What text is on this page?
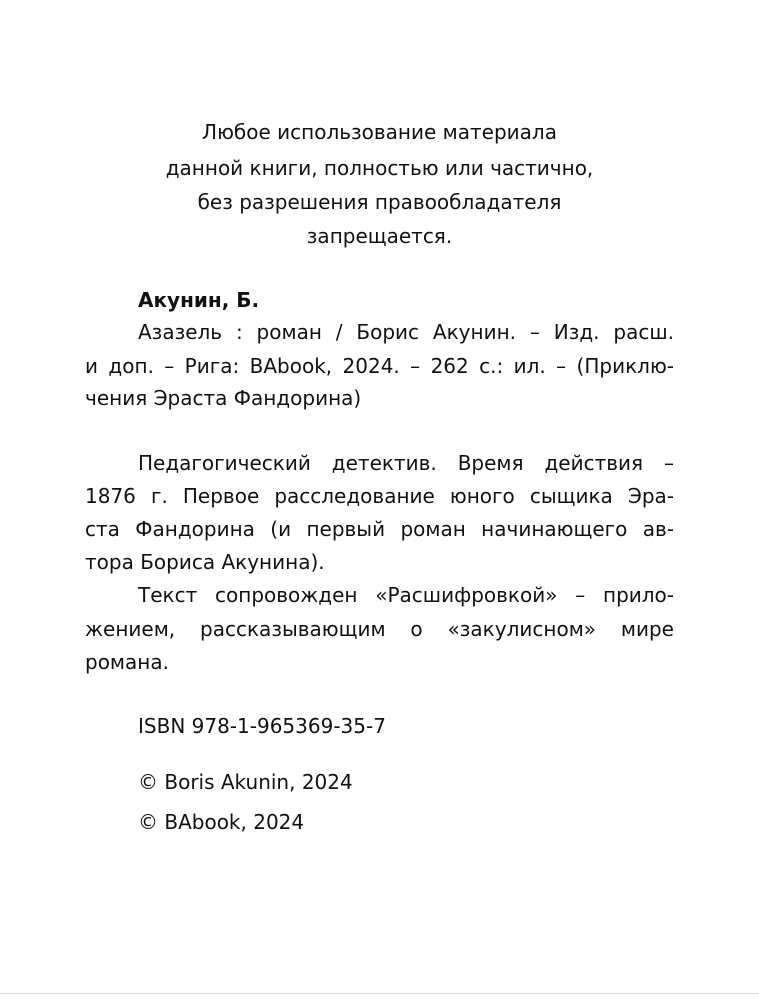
Любое использование материала
данной книги, полностью или частично,
без разрешения правообладателя
запрещается.
Акунин, Б.
Азазель : роман / Борис Акунин. – Изд. расш.
и доп. – Рига: BAbook, 2024. – 262 с.: ил. – (Приклю-
чения Эраста Фандорина)
Педагогический детектив. Время действия –
1876 г. Первое расследование юного сыщика Эра-
ста Фандорина (и первый роман начинающего ав-
тора Бориса Акунина).
Текст сопровожден «Расшифровкой» – прило-
жением, рассказывающим о «закулисном» мире
романа.
ISBN 978-1-965369-35-7
© Boris Akunin, 2024
© BAbook, 2024
